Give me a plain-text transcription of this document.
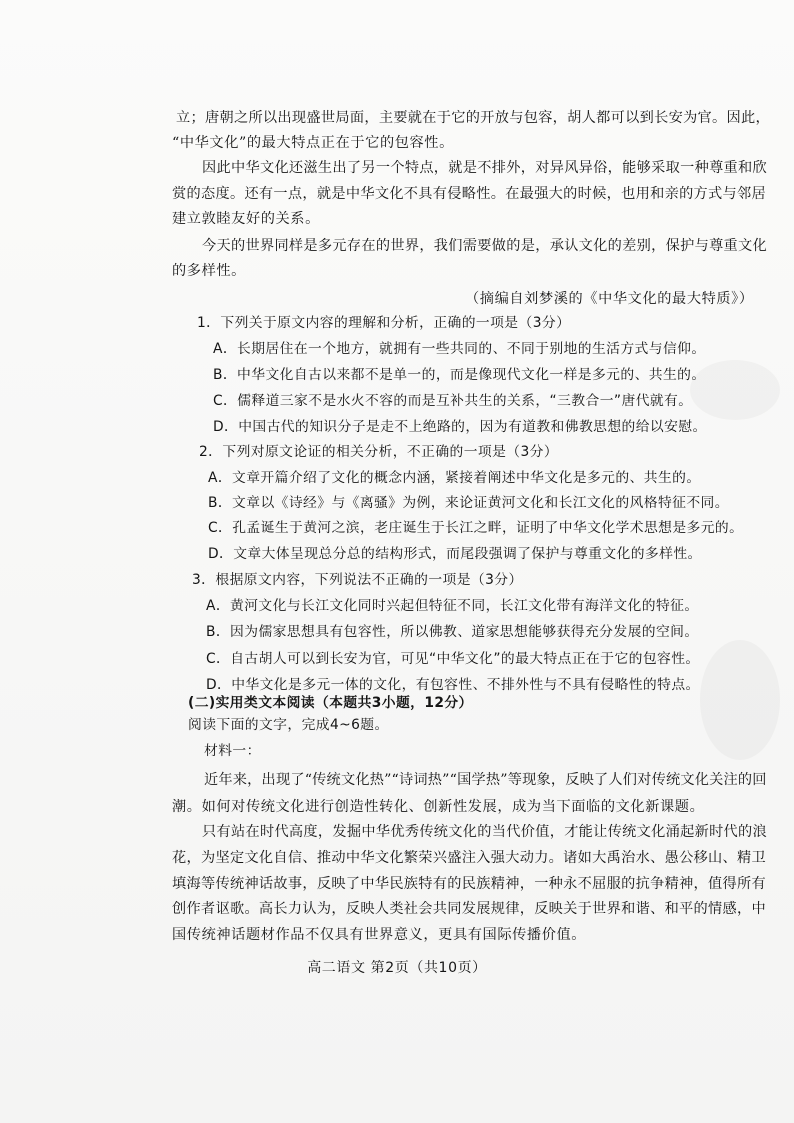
立；唐朝之所以出现盛世局面，主要就在于它的开放与包容，胡人都可以到长安为官。因此，
“中华文化”的最大特点正在于它的包容性。
因此中华文化还滋生出了另一个特点，就是不排外，对异风异俗，能够采取一种尊重和欣
赏的态度。还有一点，就是中华文化不具有侵略性。在最强大的时候，也用和亲的方式与邻居
建立敦睦友好的关系。
今天的世界同样是多元存在的世界，我们需要做的是，承认文化的差别，保护与尊重文化
的多样性。
（摘编自刘梦溪的《中华文化的最大特质》）
1．下列关于原文内容的理解和分析，正确的一项是（3分）
A．长期居住在一个地方，就拥有一些共同的、不同于别地的生活方式与信仰。
B．中华文化自古以来都不是单一的，而是像现代文化一样是多元的、共生的。
C．儒释道三家不是水火不容的而是互补共生的关系，“三教合一”唐代就有。
D．中国古代的知识分子是走不上绝路的，因为有道教和佛教思想的给以安慰。
2．下列对原文论证的相关分析，不正确的一项是（3分）
A．文章开篇介绍了文化的概念内涵，紧接着阐述中华文化是多元的、共生的。
B．文章以《诗经》与《离骚》为例，来论证黄河文化和长江文化的风格特征不同。
C．孔孟诞生于黄河之滨，老庄诞生于长江之畔，证明了中华文化学术思想是多元的。
D．文章大体呈现总分总的结构形式，而尾段强调了保护与尊重文化的多样性。
3．根据原文内容，下列说法不正确的一项是（3分）
A．黄河文化与长江文化同时兴起但特征不同，长江文化带有海洋文化的特征。
B．因为儒家思想具有包容性，所以佛教、道家思想能够获得充分发展的空间。
C．自古胡人可以到长安为官，可见“中华文化”的最大特点正在于它的包容性。
D．中华文化是多元一体的文化，有包容性、不排外性与不具有侵略性的特点。
(二)实用类文本阅读（本题共3小题，12分）
阅读下面的文字，完成4~6题。
材料一：
近年来，出现了“传统文化热”“诗词热”“国学热”等现象，反映了人们对传统文化关注的回
潮。如何对传统文化进行创造性转化、创新性发展，成为当下面临的文化新课题。
只有站在时代高度，发掘中华优秀传统文化的当代价值，才能让传统文化涌起新时代的浪
花，为坚定文化自信、推动中华文化繁荣兴盛注入强大动力。诸如大禹治水、愚公移山、精卫
填海等传统神话故事，反映了中华民族特有的民族精神，一种永不屈服的抗争精神，值得所有
创作者讴歌。高长力认为，反映人类社会共同发展规律，反映关于世界和谐、和平的情感，中
国传统神话题材作品不仅具有世界意义，更具有国际传播价值。
高二语文 第2页（共10页）
